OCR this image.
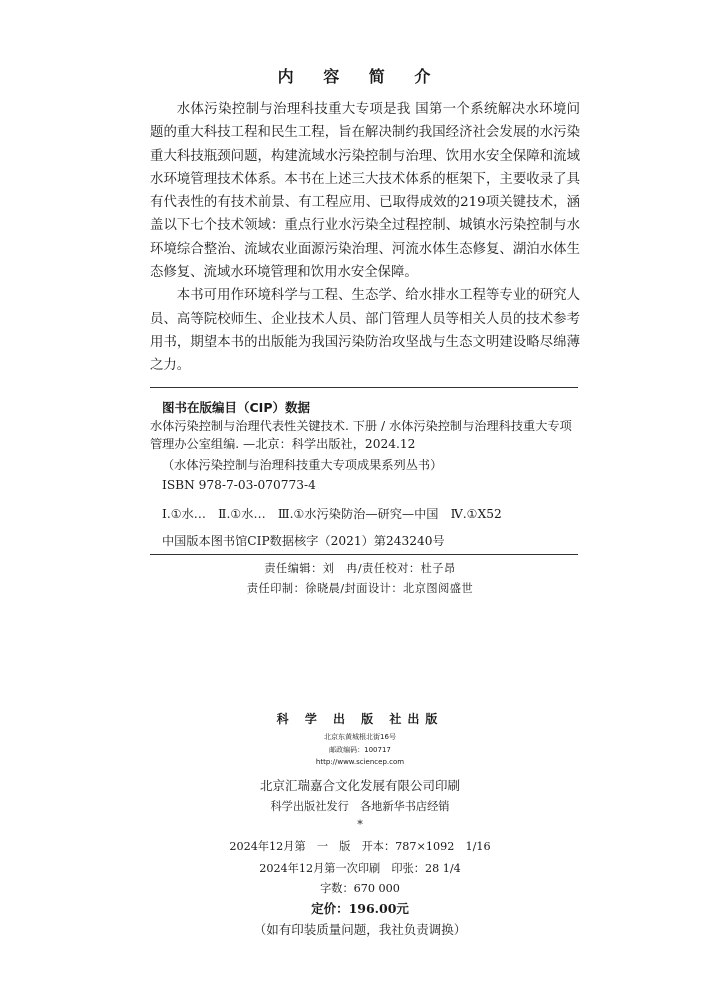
内 容 简 介

水体污染控制与治理科技重大专项是我 国第一个系统解决水环境问题的重大科技工程和民生工程，旨在解决制约我国经济社会发展的水污染重大科技瓶颈问题，构建流域水污染控制与治理、饮用水安全保障和流域水环境管理技术体系。本书在上述三大技术体系的框架下，主要收录了具有代表性的有技术前景、有工程应用、已取得成效的219项关键技术，涵盖以下七个技术领域：重点行业水污染全过程控制、城镇水污染控制与水环境综合整治、流域农业面源污染治理、河流水体生态修复、湖泊水体生态修复、流域水环境管理和饮用水安全保障。

本书可用作环境科学与工程、生态学、给水排水工程等专业的研究人员、高等院校师生、企业技术人员、部门管理人员等相关人员的技术参考用书，期望本书的出版能为我国污染防治攻坚战与生态文明建设略尽绵薄之力。

图书在版编目（CIP）数据
水体污染控制与治理代表性关键技术. 下册 / 水体污染控制与治理科技重大专项管理办公室组编. —北京：科学出版社，2024.12
（水体污染控制与治理科技重大专项成果系列丛书）
ISBN 978-7-03-070773-4
Ⅰ.①水…　Ⅱ.①水…　Ⅲ.①水污染防治—研究—中国　Ⅳ.①X52
中国版本图书馆CIP数据核字（2021）第243240号
责任编辑：刘　冉/责任校对：杜子昂
责任印制：徐晓晨/封面设计：北京图阅盛世
科 学 出 版 社出版
北京东黄城根北街16号
邮政编码：100717
http://www.sciencep.com
北京汇瑞嘉合文化发展有限公司印刷
科学出版社发行　各地新华书店经销
*
2024年12月第　一　版　开本：787×1092　1/16
2024年12月第一次印刷　印张：28 1/4
字数：670 000
定价：196.00元
（如有印装质量问题，我社负责调换）
